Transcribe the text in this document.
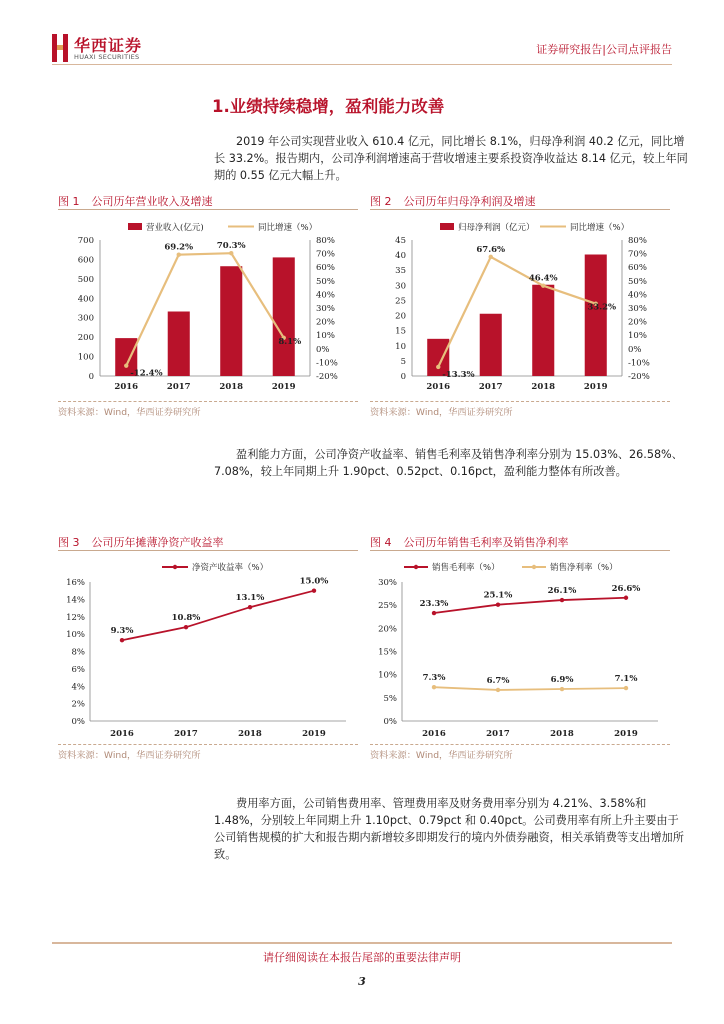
华西证券
HUAXI SECURITIES
证券研究报告|公司点评报告
1.业绩持续稳增，盈利能力改善
2019 年公司实现营业收入 610.4 亿元，同比增长 8.1%，归母净利润 40.2 亿元，同比增长 33.2%。报告期内，公司净利润增速高于营收增速主要系投资净收益达 8.14 亿元，较上年同期的 0.55 亿元大幅上升。
图 1 公司历年营业收入及增速
营业收入(亿元)	同比增速（%）
700
600
500
400
300
200
100
0
80%
70%
60%
50%
40%
30%
20%
10%
0%
-10%
-20%
-12.4%
69.2%	70.3%
8.1%
2016	2017	2018	2019
资料来源：Wind，华西证券研究所
图 2 公司历年归母净利润及增速
归母净利润（亿元）	同比增速（%）
45
40
35
30
25
20
15
10
5
0
80%
70%
60%
50%
40%
30%
20%
10%
0%
-10%
-20%
-13.3%
67.6%
46.4%
33.2%
2016	2017	2018	2019
资料来源：Wind，华西证券研究所
盈利能力方面，公司净资产收益率、销售毛利率及销售净利率分别为 15.03%、26.58%、7.08%，较上年同期上升 1.90pct、0.52pct、0.16pct，盈利能力整体有所改善。
图 3 公司历年摊薄净资产收益率
净资产收益率（%）
16%
14%
12%
10%
8%
6%
4%
2%
0%
9.3%
10.8%
13.1%
15.0%
2016	2017	2018	2019
资料来源：Wind，华西证券研究所
图 4 公司历年销售毛利率及销售净利率
销售毛利率（%）	销售净利率（%）
30%
25%
20%
15%
10%
5%
0%
23.3%
25.1%	26.1%	26.6%
7.3%	6.7%	6.9%	7.1%
2016	2017	2018	2019
资料来源：Wind，华西证券研究所
费用率方面，公司销售费用率、管理费用率及财务费用率分别为 4.21%、3.58%和 1.48%，分别较上年同期上升 1.10pct、0.79pct 和 0.40pct。公司费用率有所上升主要由于公司销售规模的扩大和报告期内新增较多即期发行的境内外债券融资，相关承销费等支出增加所致。
请仔细阅读在本报告尾部的重要法律声明
3
